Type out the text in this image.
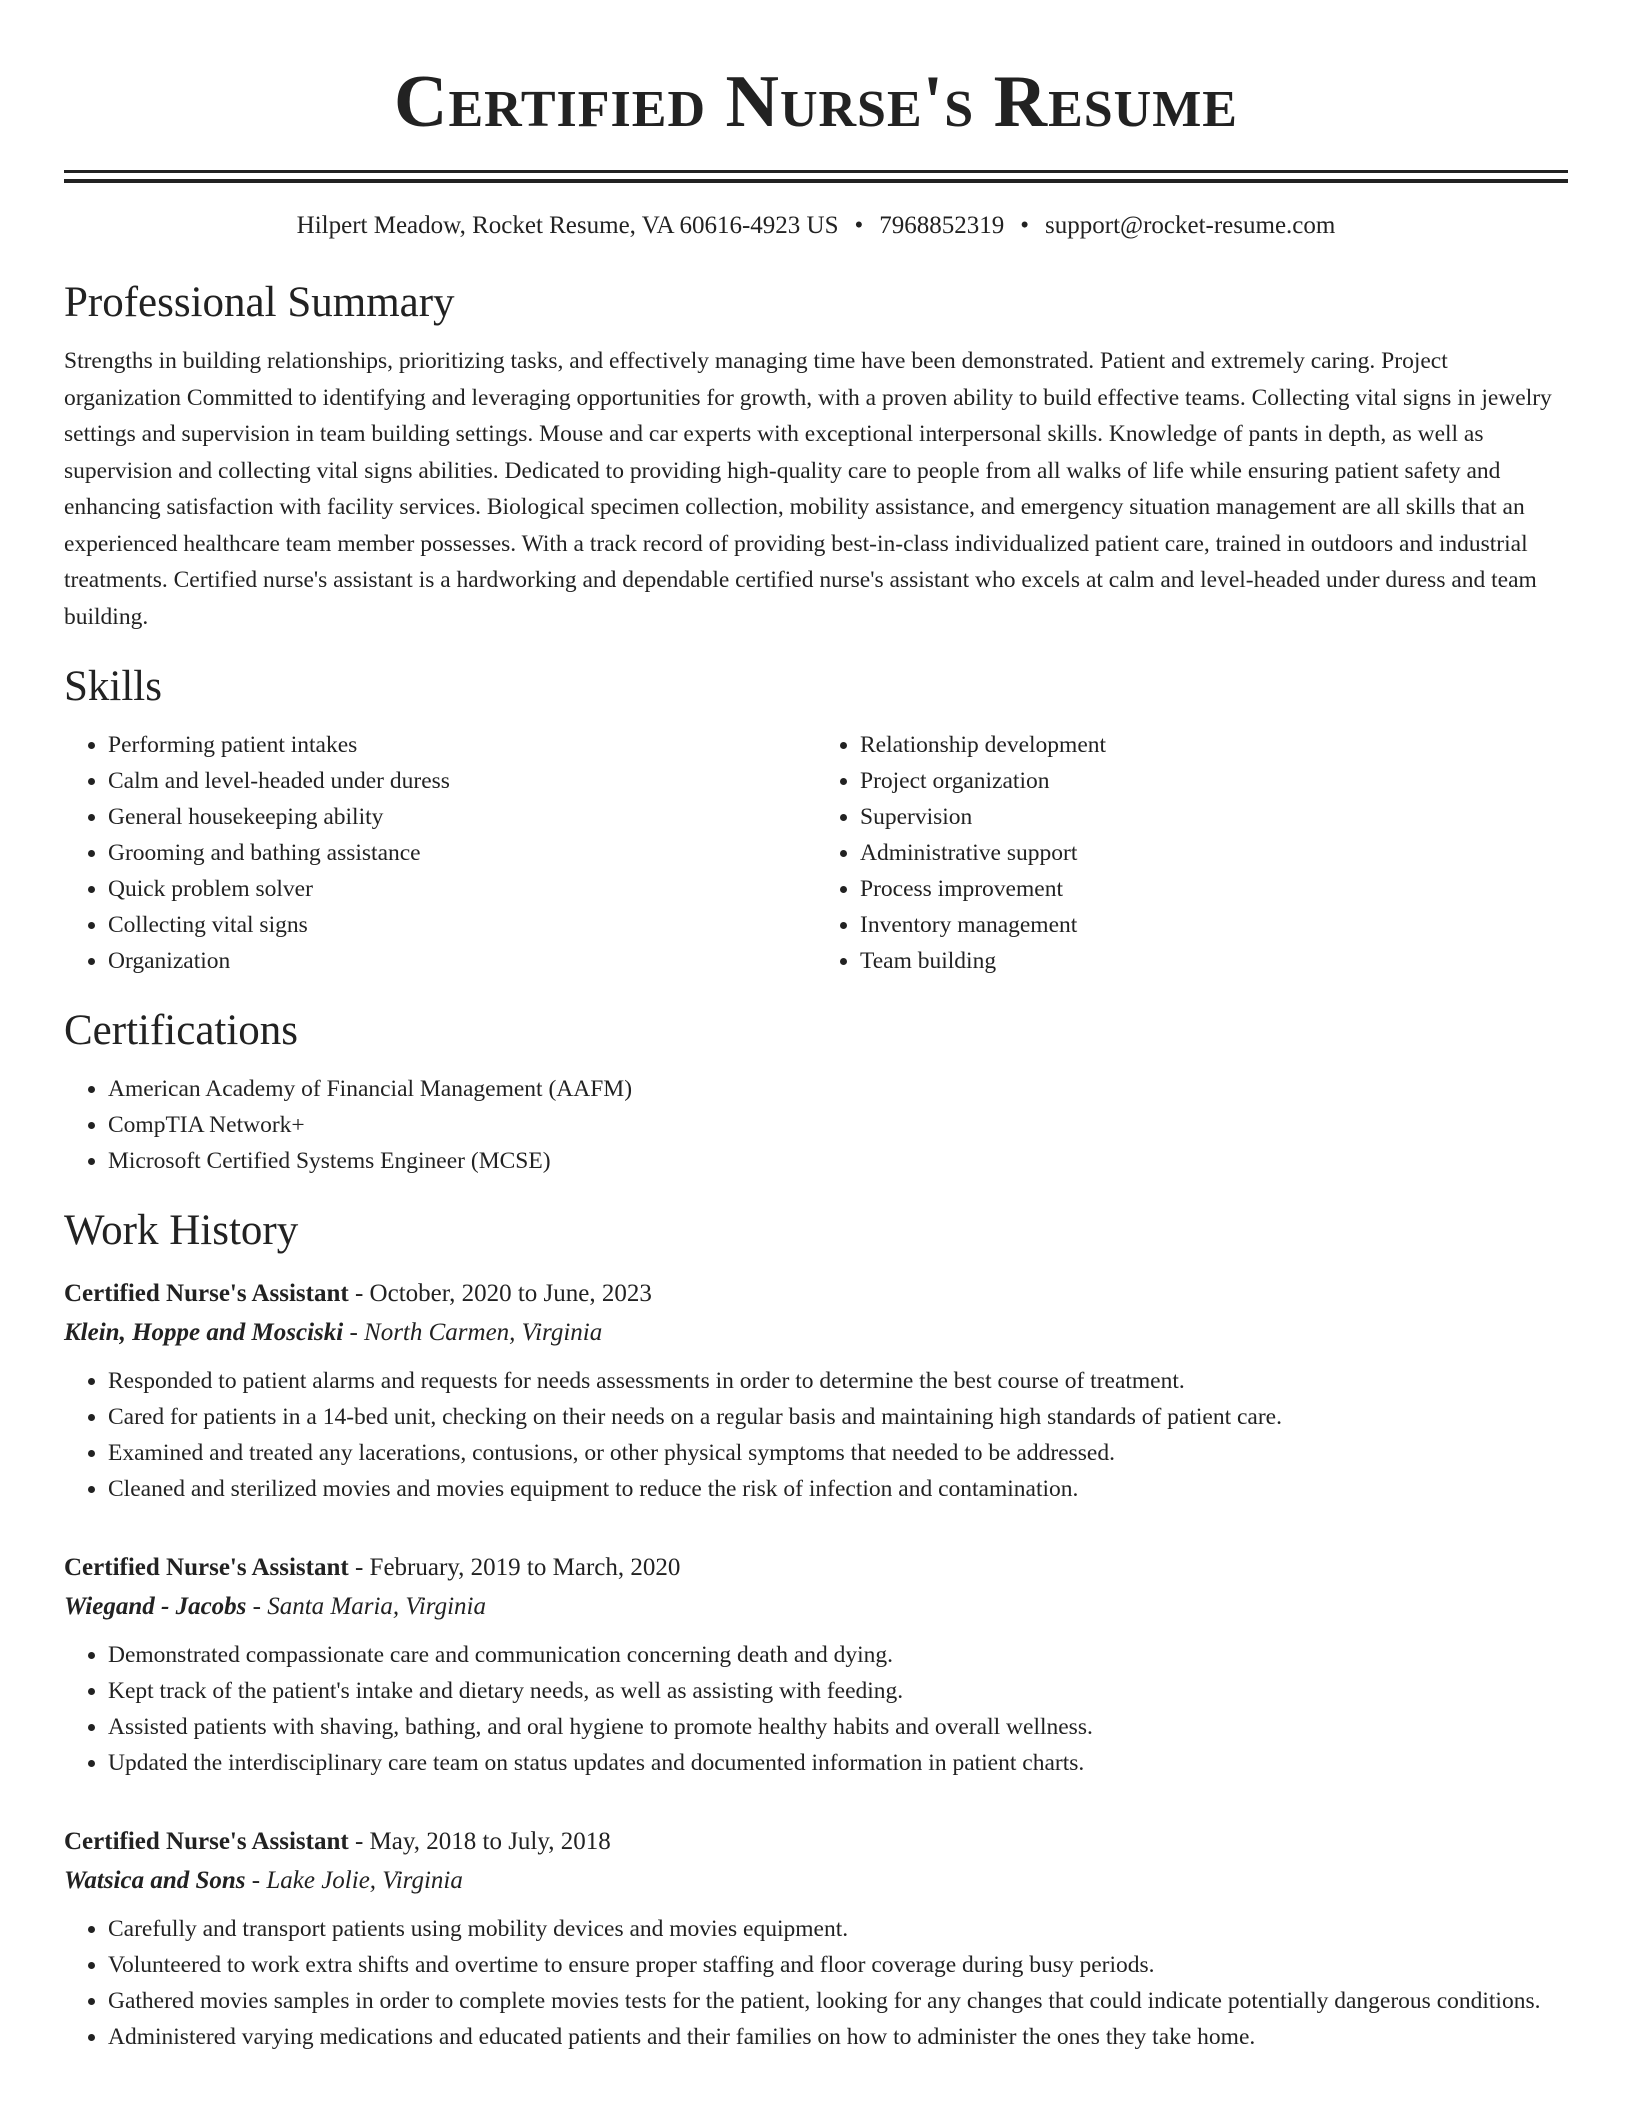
Certified Nurse's Resume
Hilpert Meadow, Rocket Resume, VA 60616-4923 US • 7968852319 • support@rocket-resume.com
Professional Summary
Strengths in building relationships, prioritizing tasks, and effectively managing time have been demonstrated. Patient and extremely caring. Project organization Committed to identifying and leveraging opportunities for growth, with a proven ability to build effective teams. Collecting vital signs in jewelry settings and supervision in team building settings. Mouse and car experts with exceptional interpersonal skills. Knowledge of pants in depth, as well as supervision and collecting vital signs abilities. Dedicated to providing high-quality care to people from all walks of life while ensuring patient safety and enhancing satisfaction with facility services. Biological specimen collection, mobility assistance, and emergency situation management are all skills that an experienced healthcare team member possesses. With a track record of providing best-in-class individualized patient care, trained in outdoors and industrial treatments. Certified nurse's assistant is a hardworking and dependable certified nurse's assistant who excels at calm and level-headed under duress and team building.
Skills
• Performing patient intakes
• Calm and level-headed under duress
• General housekeeping ability
• Grooming and bathing assistance
• Quick problem solver
• Collecting vital signs
• Organization
• Relationship development
• Project organization
• Supervision
• Administrative support
• Process improvement
• Inventory management
• Team building
Certifications
• American Academy of Financial Management (AAFM)
• CompTIA Network+
• Microsoft Certified Systems Engineer (MCSE)
Work History
Certified Nurse's Assistant - October, 2020 to June, 2023
Klein, Hoppe and Mosciski - North Carmen, Virginia
• Responded to patient alarms and requests for needs assessments in order to determine the best course of treatment.
• Cared for patients in a 14-bed unit, checking on their needs on a regular basis and maintaining high standards of patient care.
• Examined and treated any lacerations, contusions, or other physical symptoms that needed to be addressed.
• Cleaned and sterilized movies and movies equipment to reduce the risk of infection and contamination.
Certified Nurse's Assistant - February, 2019 to March, 2020
Wiegand - Jacobs - Santa Maria, Virginia
• Demonstrated compassionate care and communication concerning death and dying.
• Kept track of the patient's intake and dietary needs, as well as assisting with feeding.
• Assisted patients with shaving, bathing, and oral hygiene to promote healthy habits and overall wellness.
• Updated the interdisciplinary care team on status updates and documented information in patient charts.
Certified Nurse's Assistant - May, 2018 to July, 2018
Watsica and Sons - Lake Jolie, Virginia
• Carefully and transport patients using mobility devices and movies equipment.
• Volunteered to work extra shifts and overtime to ensure proper staffing and floor coverage during busy periods.
• Gathered movies samples in order to complete movies tests for the patient, looking for any changes that could indicate potentially dangerous conditions.
• Administered varying medications and educated patients and their families on how to administer the ones they take home.
